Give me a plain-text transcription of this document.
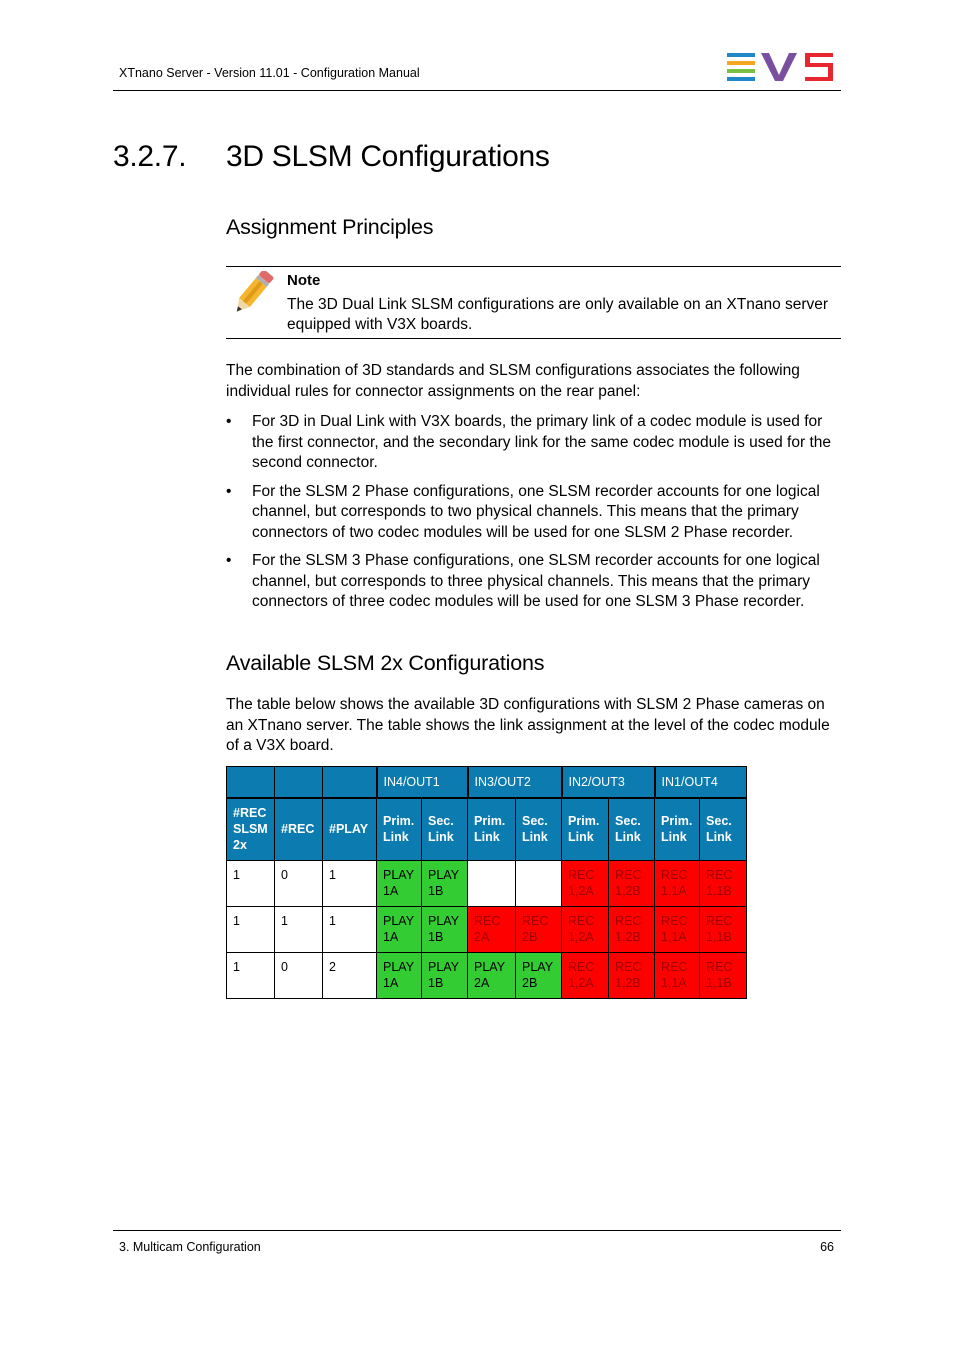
XTnano Server - Version 11.01 - Configuration Manual
3.2.7. 3D SLSM Configurations
Assignment Principles
Note
The 3D Dual Link SLSM configurations are only available on an XTnano server equipped with V3X boards.

The combination of 3D standards and SLSM configurations associates the following individual rules for connector assignments on the rear panel:

• For 3D in Dual Link with V3X boards, the primary link of a codec module is used for the first connector, and the secondary link for the same codec module is used for the second connector.
• For the SLSM 2 Phase configurations, one SLSM recorder accounts for one logical channel, but corresponds to two physical channels. This means that the primary connectors of two codec modules will be used for one SLSM 2 Phase recorder.
• For the SLSM 3 Phase configurations, one SLSM recorder accounts for one logical channel, but corresponds to three physical channels. This means that the primary connectors of three codec modules will be used for one SLSM 3 Phase recorder.
Available SLSM 2x Configurations

The table below shows the available 3D configurations with SLSM 2 Phase cameras on an XTnano server. The table shows the link assignment at the level of the codec module of a V3X board.

			IN4/OUT1		IN3/OUT2		IN2/OUT3		IN1/OUT4	
#REC SLSM 2x	#REC	#PLAY	Prim. Link	Sec. Link	Prim. Link	Sec. Link	Prim. Link	Sec. Link	Prim. Link	Sec. Link
1	0	1	PLAY 1A	PLAY 1B			REC 1,2A	REC 1,2B	REC 1,1A	REC 1,1B
1	1	1	PLAY 1A	PLAY 1B	REC 2A	REC 2B	REC 1,2A	REC 1,2B	REC 1,1A	REC 1,1B
1	0	2	PLAY 1A	PLAY 1B	PLAY 2A	PLAY 2B	REC 1,2A	REC 1,2B	REC 1,1A	REC 1,1B
3. Multicam Configuration	66
